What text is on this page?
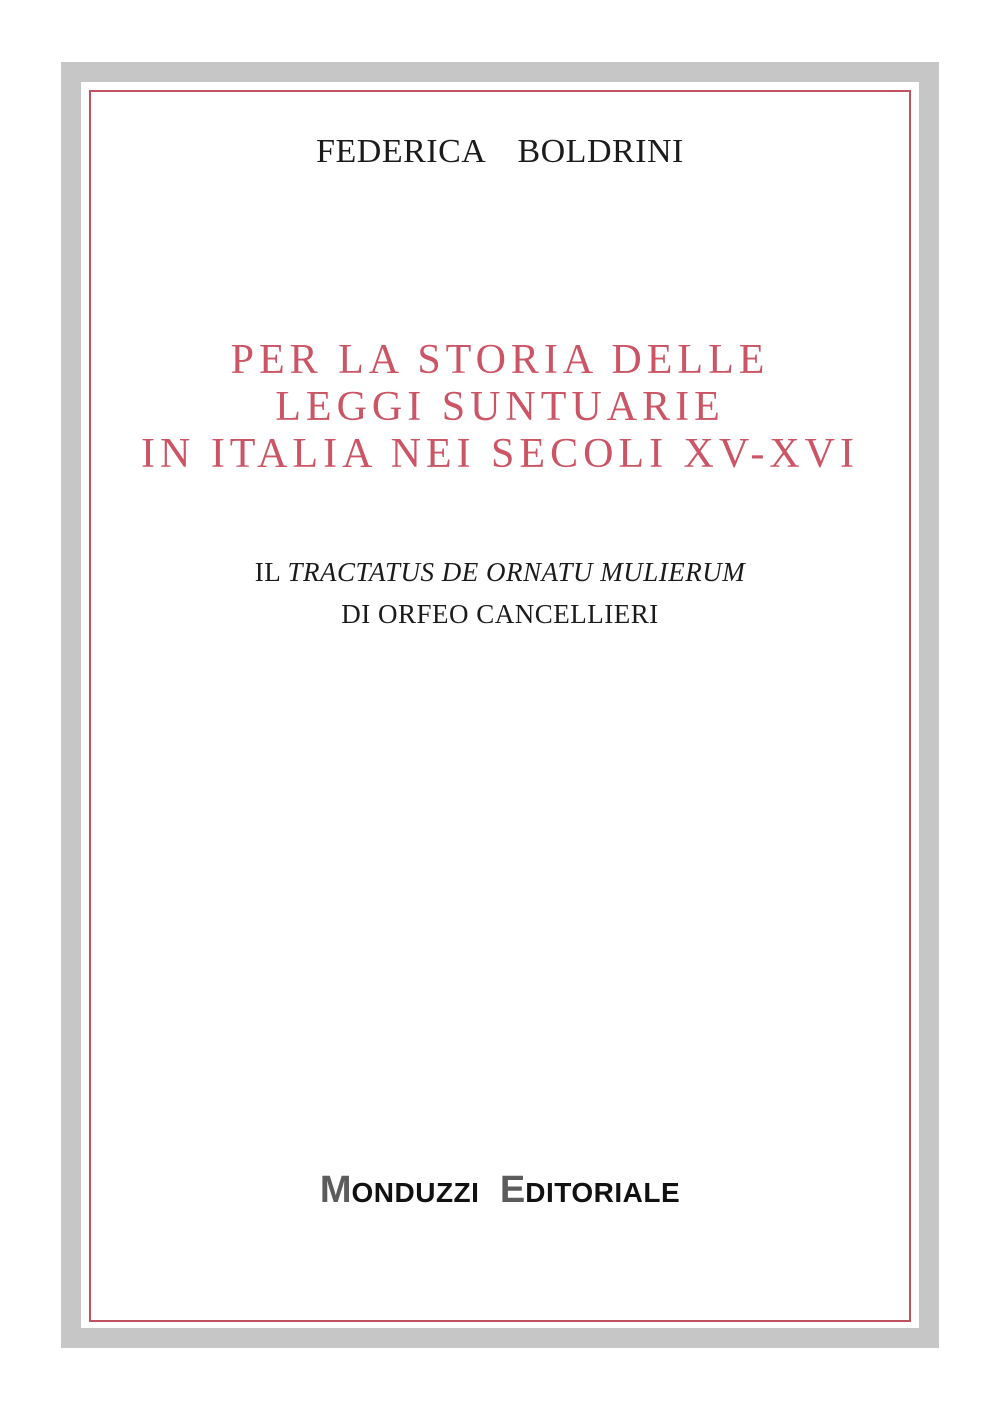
FEDERICA BOLDRINI
PER LA STORIA DELLE
LEGGI SUNTUARIE
IN ITALIA NEI SECOLI XV-XVI
IL TRACTATUS DE ORNATU MULIERUM
DI ORFEO CANCELLIERI
MONDUZZI EDITORIALE
